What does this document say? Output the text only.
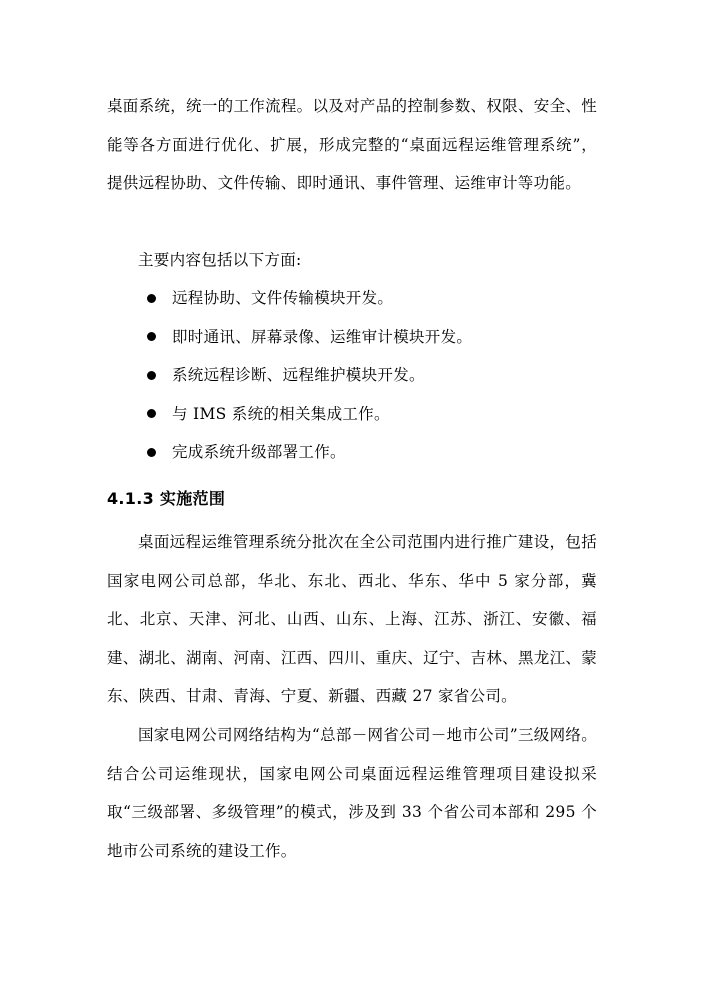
桌面系统，统一的工作流程。以及对产品的控制参数、权限、安全、性能等各方面进行优化、扩展，形成完整的“桌面远程运维管理系统”，提供远程协助、文件传输、即时通讯、事件管理、运维审计等功能。

主要内容包括以下方面:

远程协助、文件传输模块开发。
即时通讯、屏幕录像、运维审计模块开发。
系统远程诊断、远程维护模块开发。
与 IMS 系统的相关集成工作。
完成系统升级部署工作。
4.1.3 实施范围

桌面远程运维管理系统分批次在全公司范围内进行推广建设，包括国家电网公司总部，华北、东北、西北、华东、华中 5 家分部，冀北、北京、天津、河北、山西、山东、上海、江苏、浙江、安徽、福建、湖北、湖南、河南、江西、四川、重庆、辽宁、吉林、黑龙江、蒙东、陕西、甘肃、青海、宁夏、新疆、西藏 27 家省公司。

国家电网公司网络结构为“总部－网省公司－地市公司”三级网络。结合公司运维现状，国家电网公司桌面远程运维管理项目建设拟采取“三级部署、多级管理”的模式，涉及到 33 个省公司本部和 295 个地市公司系统的建设工作。
